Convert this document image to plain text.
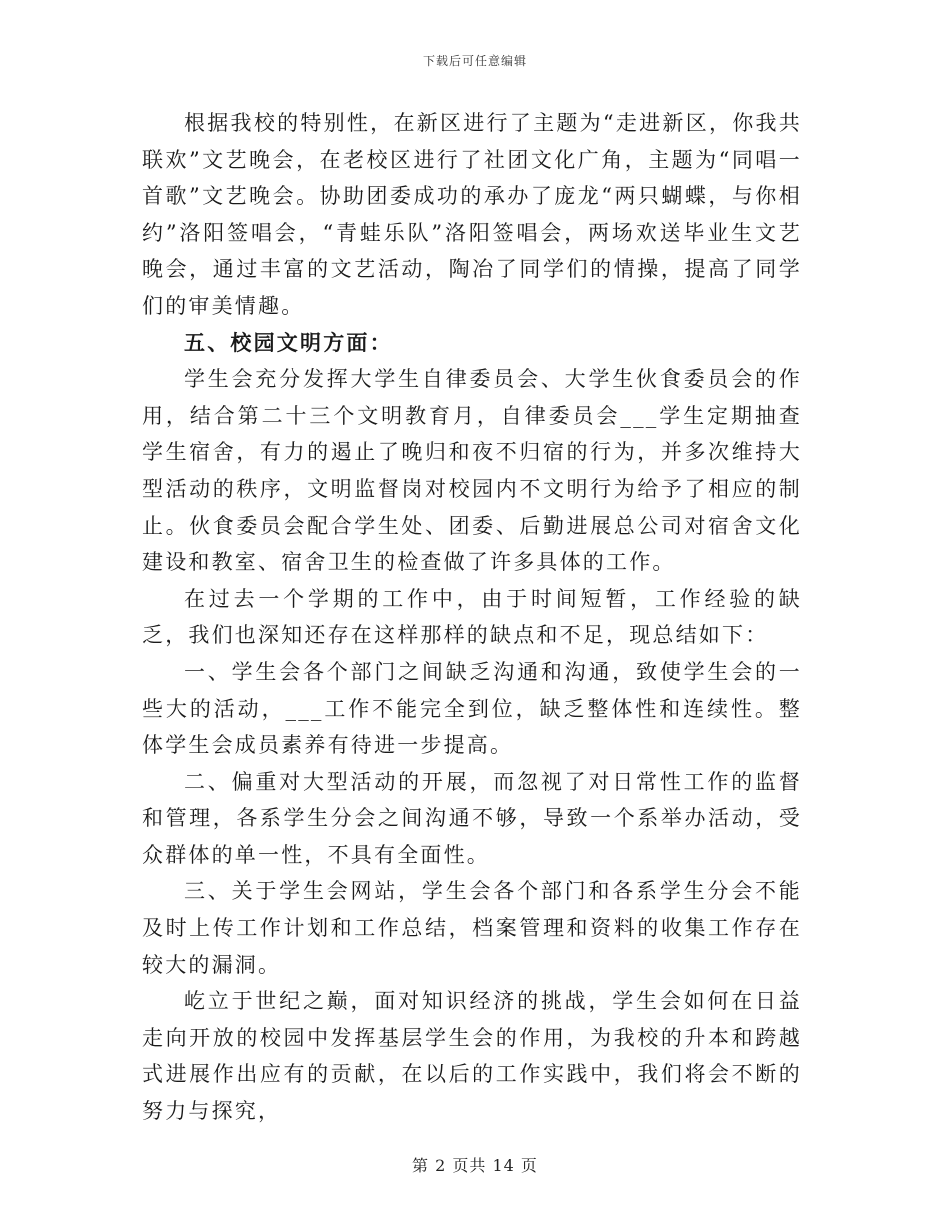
下载后可任意编辑

根据我校的特别性，在新区进行了主题为“走进新区，你我共联欢”文艺晚会，在老校区进行了社团文化广角，主题为“同唱一首歌”文艺晚会。协助团委成功的承办了庞龙“两只蝴蝶，与你相约”洛阳签唱会，“青蛙乐队”洛阳签唱会，两场欢送毕业生文艺晚会，通过丰富的文艺活动，陶冶了同学们的情操，提高了同学们的审美情趣。

五、校园文明方面：

学生会充分发挥大学生自律委员会、大学生伙食委员会的作用，结合第二十三个文明教育月，自律委员会___学生定期抽查学生宿舍，有力的遏止了晚归和夜不归宿的行为，并多次维持大型活动的秩序，文明监督岗对校园内不文明行为给予了相应的制止。伙食委员会配合学生处、团委、后勤进展总公司对宿舍文化建设和教室、宿舍卫生的检查做了许多具体的工作。

在过去一个学期的工作中，由于时间短暂，工作经验的缺乏，我们也深知还存在这样那样的缺点和不足，现总结如下：

一、学生会各个部门之间缺乏沟通和沟通，致使学生会的一些大的活动，___工作不能完全到位，缺乏整体性和连续性。整体学生会成员素养有待进一步提高。

二、偏重对大型活动的开展，而忽视了对日常性工作的监督和管理，各系学生分会之间沟通不够，导致一个系举办活动，受众群体的单一性，不具有全面性。

三、关于学生会网站，学生会各个部门和各系学生分会不能及时上传工作计划和工作总结，档案管理和资料的收集工作存在较大的漏洞。

屹立于世纪之巅，面对知识经济的挑战，学生会如何在日益走向开放的校园中发挥基层学生会的作用，为我校的升本和跨越式进展作出应有的贡献，在以后的工作实践中，我们将会不断的努力与探究，

第 2 页共 14 页
